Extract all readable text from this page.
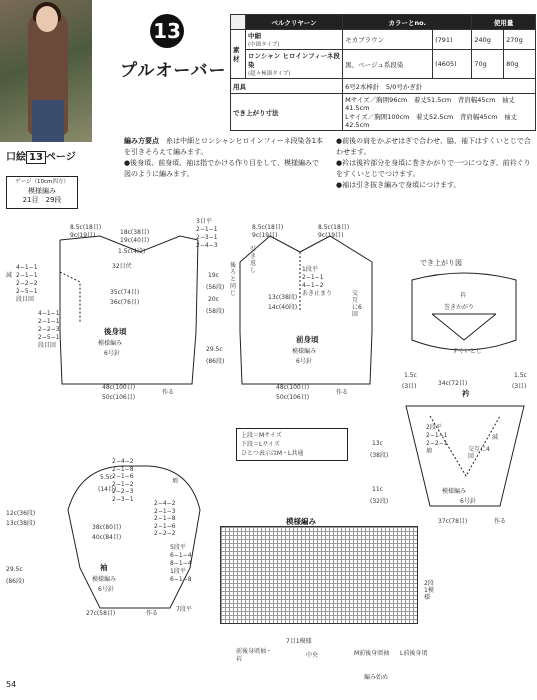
13
プルオーバー
	ベルクリヤーン	カラーとno.		使用量	
素材	中細
(中細タイプ)	モカブラウン	(791)	240g	270g
	ロンシャン ヒロインフィーネ段染
(超々極細タイプ)	黒、ベージュ系段染	(4605)	70g	80g

用具		6号2本棒針　5/0号かぎ針			
でき上がり寸法		Mサイズ／胸囲96cm　着丈51.5cm　背肩幅45cm　袖丈41.5cm
Lサイズ／胸囲100cm　着丈52.5cm　背肩幅45cm　袖丈42.5cm			
編み方要点　 糸は中細とロンシャンヒロインフィーネ段染各1本を引きそろえて編みます。
●後身頃、前身頃、袖は指でかける作り目をして、模様編みで図のように編みます。
●前後の肩をかぶせはぎで合わせ、脇、袖下はすくいとじで合わせます。
●衿は後衿部分を身頃に巻きかがりで一つにつなぎ、前衿ぐりをすくいとじでつけます。
●袖は引き抜き編みで身頃につけます。
口絵 13 ページ
ゲージ（10cm四方）
模様編み
21目　29段
8.5c(18目)
9c(19目)	18c(38目)
19c(40目)
1.5c(4段)
32目伏
35c(74目)
36c(76目)
減
4−1−1
2−1−1
2−2−2
2−5−1
段目回
4−1−1
2−1−1
2−2−3
2−5−1
段目回
後身頃
模様編み
6号針
29.5c
(86段)
48c(100目)
50c(106目)
作る
8.5c(18目)
9c(19目)
8.5c(18目)
9c(19目)
3目平
2−1−1
2−3−1
2−4−3
1段平
2−1−1
4−1−2
あき止まり
13c(38段)
14c(40段)
交互に6回
後ろと同じ
引き返し
19c
(56段)
20c
(58段)
前身頃
模様編み
6号針
48c(100目)
50c(106目)
作る
でき上がり図
衿
巻きかがり
すくいとじ
衿
1.5c
(3目)	34c(72目)
1.5c
(3目)
13c
(38段)
11c
(32段)
2段平
2−1−1
2−2−1
増	交互に4回
減
模様編み
6号針
37c(78目)	作る
上段＝Mサイズ
下段＝Lサイズ
ひとつ表示はM・L共通
2−4−2
2−1−8
2−1−6
2−1−2
2−2−3
2−3−1
増
2−4−2
2−1−3
2−1−8
2−1−6
2−2−2
5.5c
(14目)
38c(80目)
40c(84目)
12c(36段)
13c(38段)
29.5c
(86段)
袖
模様編み
6号針
5段平
6−1−4
8−1−4
1段平
6−1−8
7段平
27c(58目)	作る
模様編み
2段1模様
7目1模様
前後身頃袖・衿
中央	M前後身頃袖	L前後身頃
編み始め
54
